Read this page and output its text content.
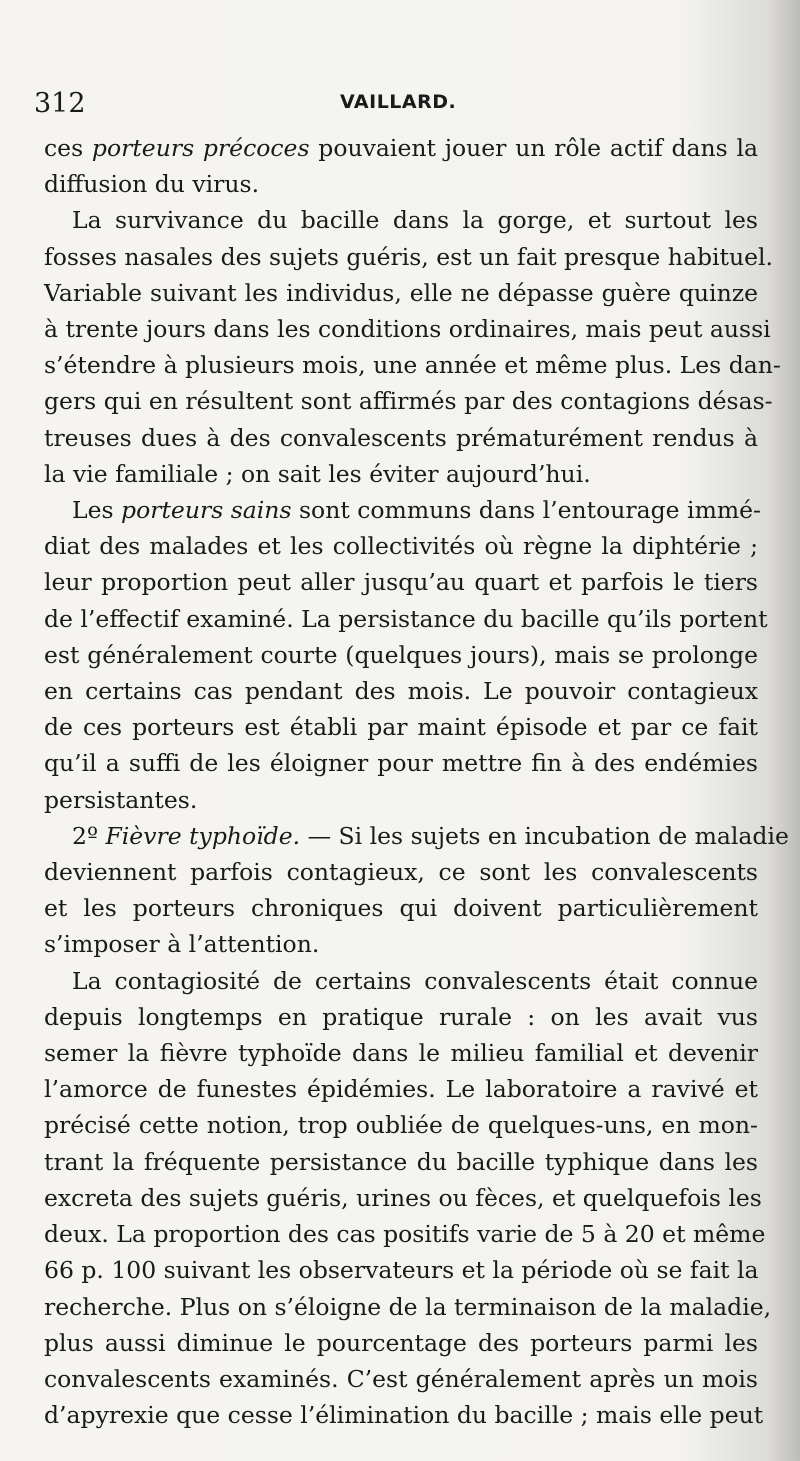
312	VAILLARD.
ces porteurs précoces pouvaient jouer un rôle actif dans la
diffusion du virus.
La survivance du bacille dans la gorge, et surtout les
fosses nasales des sujets guéris, est un fait presque habituel.
Variable suivant les individus, elle ne dépasse guère quinze
à trente jours dans les conditions ordinaires, mais peut aussi
s’étendre à plusieurs mois, une année et même plus. Les dan-
gers qui en résultent sont affirmés par des contagions désas-
treuses dues à des convalescents prématurément rendus à
la vie familiale ; on sait les éviter aujourd’hui.
Les porteurs sains sont communs dans l’entourage immé-
diat des malades et les collectivités où règne la diphtérie ;
leur proportion peut aller jusqu’au quart et parfois le tiers
de l’effectif examiné. La persistance du bacille qu’ils portent
est généralement courte (quelques jours), mais se prolonge
en certains cas pendant des mois. Le pouvoir contagieux
de ces porteurs est établi par maint épisode et par ce fait
qu’il a suffi de les éloigner pour mettre fin à des endémies
persistantes.
2º Fièvre typhoïde. — Si les sujets en incubation de maladie
deviennent parfois contagieux, ce sont les convalescents
et les porteurs chroniques qui doivent particulièrement
s’imposer à l’attention.
La contagiosité de certains convalescents était connue
depuis longtemps en pratique rurale : on les avait vus
semer la fièvre typhoïde dans le milieu familial et devenir
l’amorce de funestes épidémies. Le laboratoire a ravivé et
précisé cette notion, trop oubliée de quelques-uns, en mon-
trant la fréquente persistance du bacille typhique dans les
excreta des sujets guéris, urines ou fèces, et quelquefois les
deux. La proportion des cas positifs varie de 5 à 20 et même
66 p. 100 suivant les observateurs et la période où se fait la
recherche. Plus on s’éloigne de la terminaison de la maladie,
plus aussi diminue le pourcentage des porteurs parmi les
convalescents examinés. C’est généralement après un mois
d’apyrexie que cesse l’élimination du bacille ; mais elle peut
